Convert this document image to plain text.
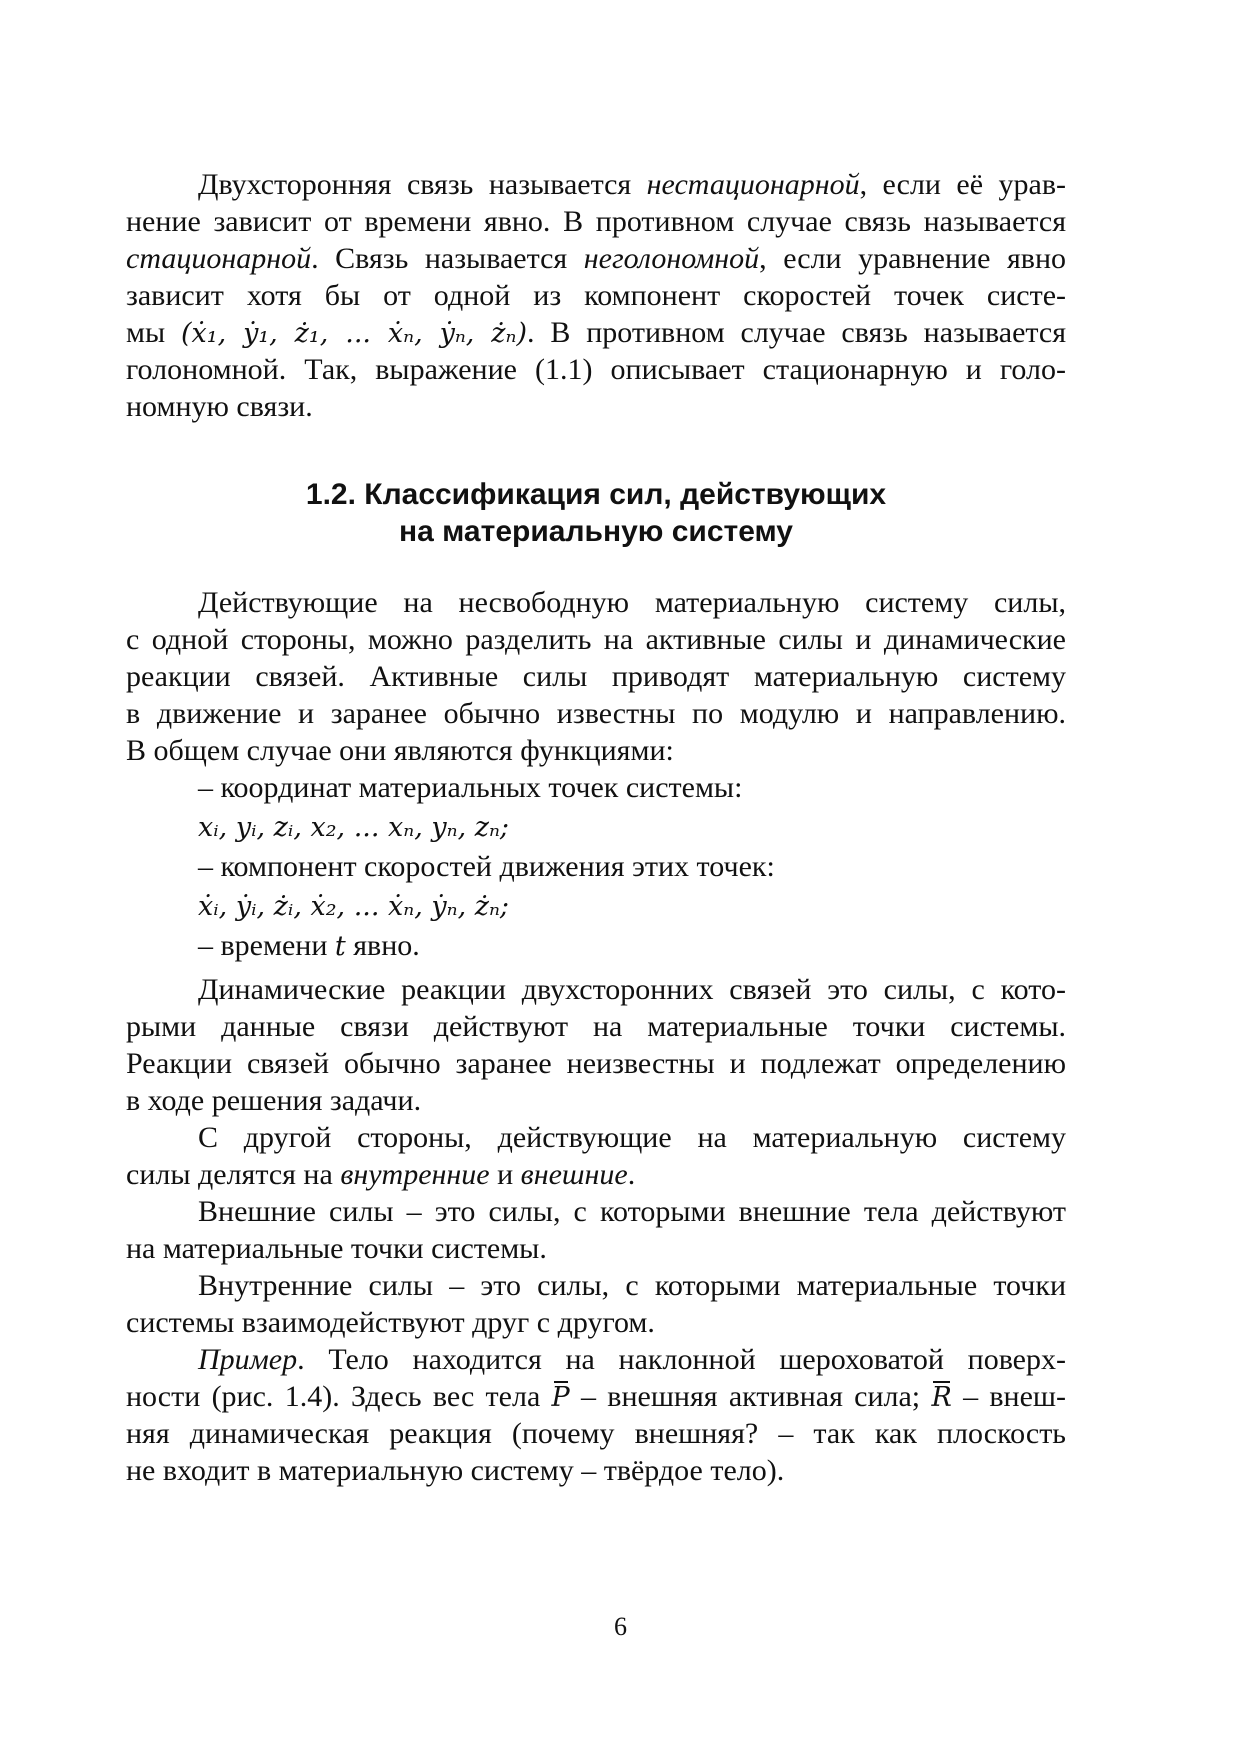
Двухсторонняя связь называется нестационарной, если её урав-
нение зависит от времени явно. В противном случае связь называется
стационарной. Связь называется неголономной, если уравнение явно
зависит хотя бы от одной из компонент скоростей точек систе-
мы (ẋ₁, ẏ₁, ż₁, ... ẋₙ, ẏₙ, żₙ). В противном случае связь называется
голономной. Так, выражение (1.1) описывает стационарную и голо-
номную связи.
1.2. Классификация сил, действующих
на материальную систему
Действующие на несвободную материальную систему силы,
с одной стороны, можно разделить на активные силы и динамические
реакции связей. Активные силы приводят материальную систему
в движение и заранее обычно известны по модулю и направлению.
В общем случае они являются функциями:
– координат материальных точек системы:
xᵢ, yᵢ, zᵢ, x₂, ... xₙ, yₙ, zₙ;
– компонент скоростей движения этих точек:
ẋᵢ, ẏᵢ, żᵢ, ẋ₂, ... ẋₙ, ẏₙ, żₙ;
– времени t явно.
Динамические реакции двухсторонних связей это силы, с кото-
рыми данные связи действуют на материальные точки системы.
Реакции связей обычно заранее неизвестны и подлежат определению
в ходе решения задачи.
С другой стороны, действующие на материальную систему
силы делятся на внутренние и внешние.
Внешние силы – это силы, с которыми внешние тела действуют
на материальные точки системы.
Внутренние силы – это силы, с которыми материальные точки
системы взаимодействуют друг с другом.
Пример. Тело находится на наклонной шероховатой поверх-
ности (рис. 1.4). Здесь вес тела P – внешняя активная сила; R – внеш-
няя динамическая реакция (почему внешняя? – так как плоскость
не входит в материальную систему – твёрдое тело).
6
